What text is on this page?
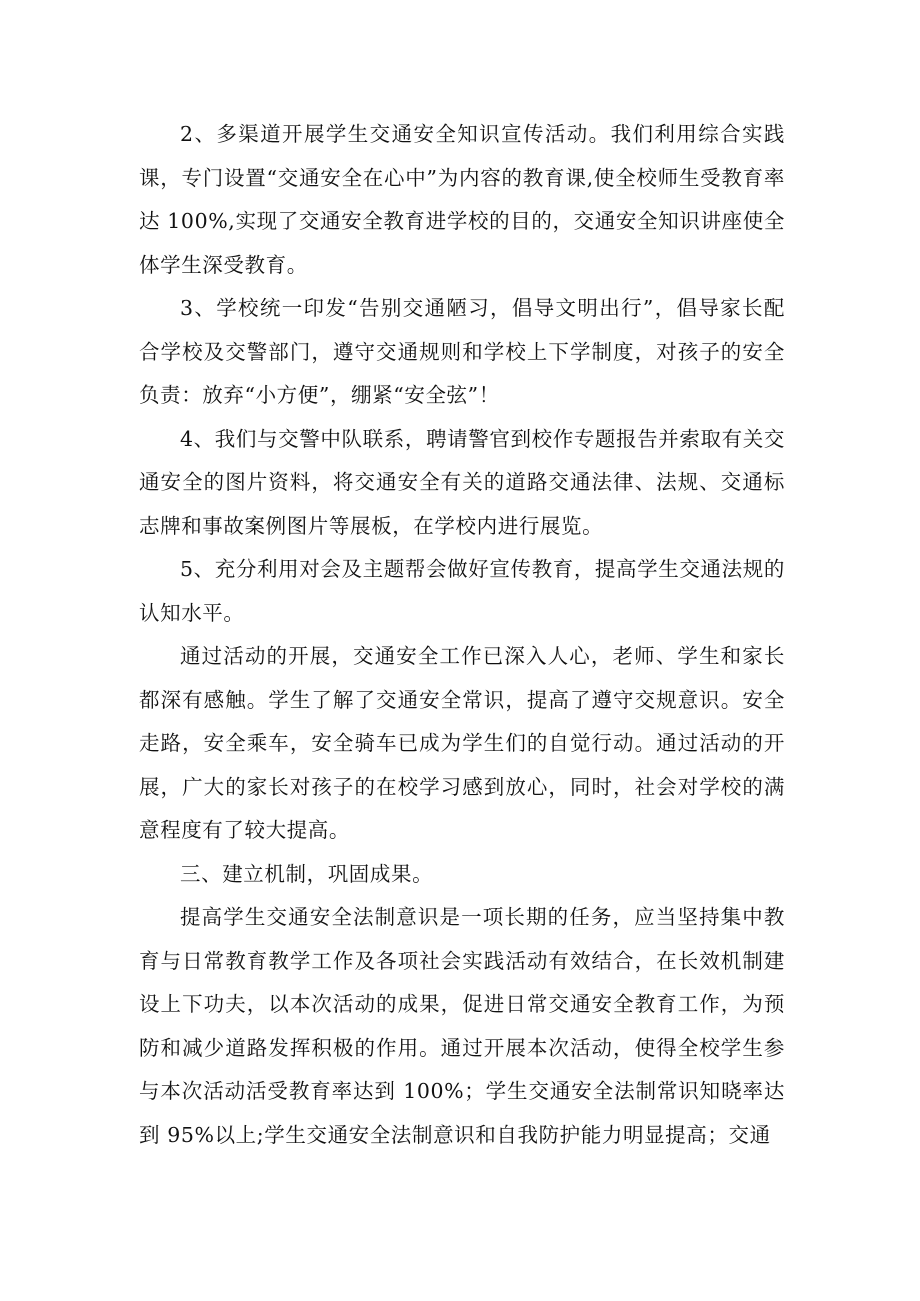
2、多渠道开展学生交通安全知识宣传活动。我们利用综合实践课，专门设置“交通安全在心中”为内容的教育课,使全校师生受教育率达 100%,实现了交通安全教育进学校的目的，交通安全知识讲座使全体学生深受教育。

3、学校统一印发“告别交通陋习，倡导文明出行”，倡导家长配合学校及交警部门，遵守交通规则和学校上下学制度，对孩子的安全负责：放弃“小方便”，绷紧“安全弦”！

4、我们与交警中队联系，聘请警官到校作专题报告并索取有关交通安全的图片资料，将交通安全有关的道路交通法律、法规、交通标志牌和事故案例图片等展板，在学校内进行展览。

5、充分利用对会及主题帮会做好宣传教育，提高学生交通法规的认知水平。

通过活动的开展，交通安全工作已深入人心，老师、学生和家长都深有感触。学生了解了交通安全常识，提高了遵守交规意识。安全走路，安全乘车，安全骑车已成为学生们的自觉行动。通过活动的开展，广大的家长对孩子的在校学习感到放心，同时，社会对学校的满意程度有了较大提高。

三、建立机制，巩固成果。

提高学生交通安全法制意识是一项长期的任务，应当坚持集中教育与日常教育教学工作及各项社会实践活动有效结合，在长效机制建设上下功夫，以本次活动的成果，促进日常交通安全教育工作，为预防和减少道路发挥积极的作用。通过开展本次活动，使得全校学生参与本次活动活受教育率达到 100%；学生交通安全法制常识知晓率达到 95%以上;学生交通安全法制意识和自我防护能力明显提高；交通
